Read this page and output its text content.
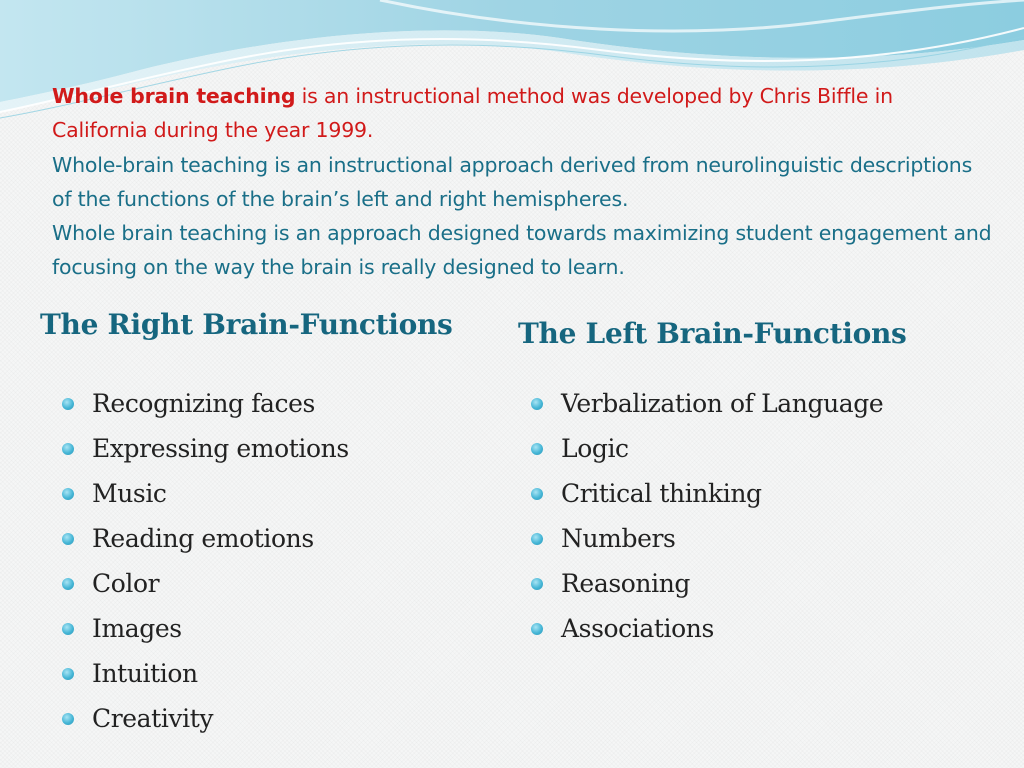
Whole brain teaching is an instructional method was developed by Chris Biffle in California during the year 1999.

Whole-brain teaching is an instructional approach derived from neurolinguistic descriptions of the functions of the brain’s left and right hemispheres.

Whole brain teaching is an approach designed towards maximizing student engagement and focusing on the way the brain is really designed to learn.

The Right Brain-Functions The Left Brain-Functions
Recognizing faces
Expressing emotions
Music
Reading emotions
Color
Images
Intuition
Creativity
Verbalization of Language
Logic
Critical thinking
Numbers
Reasoning
Associations
